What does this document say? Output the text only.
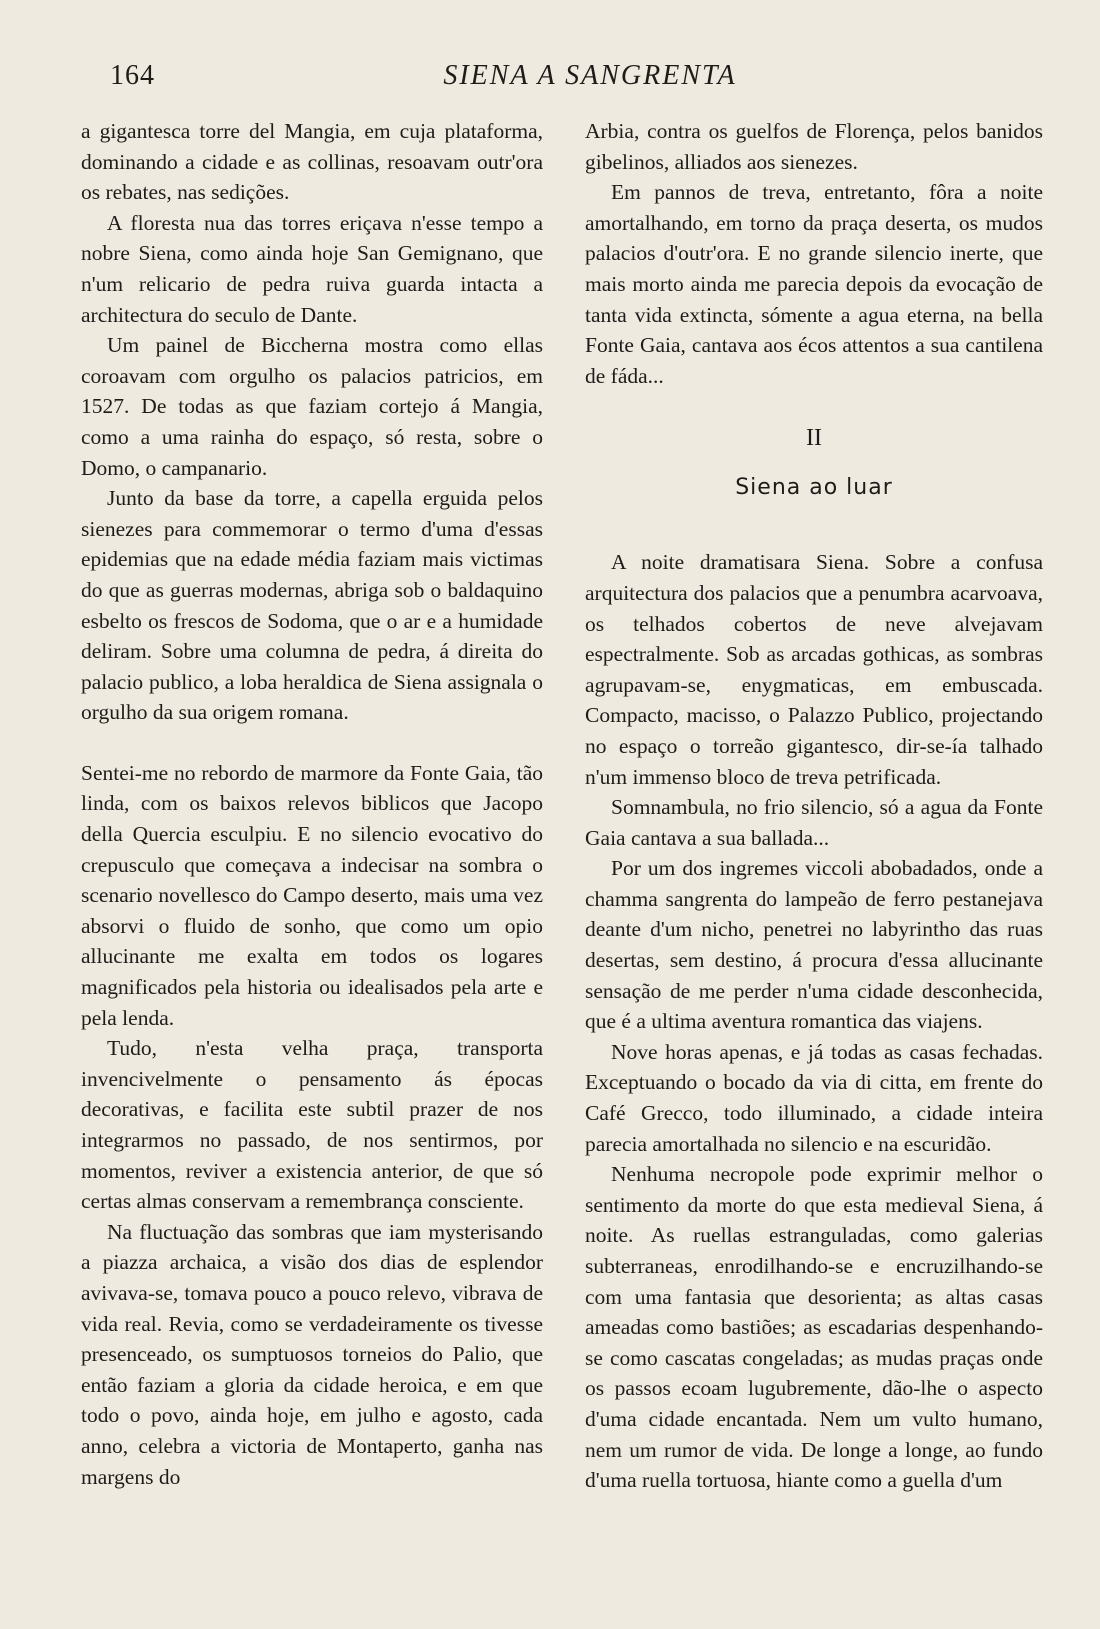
164	SIENA A SANGRENTA

a gigantesca torre del Mangia, em cuja plataforma, dominando a cidade e as collinas, resoavam outr'ora os rebates, nas sedições.

A floresta nua das torres eriçava n'esse tempo a nobre Siena, como ainda hoje San Gemignano, que n'um relicario de pedra ruiva guarda intacta a architectura do seculo de Dante.

Um painel de Biccherna mostra como ellas coroavam com orgulho os palacios patricios, em 1527. De todas as que faziam cortejo á Mangia, como a uma rainha do espaço, só resta, sobre o Domo, o campanario.

Junto da base da torre, a capella erguida pelos sienezes para commemorar o termo d'uma d'essas epidemias que na edade média faziam mais victimas do que as guerras modernas, abriga sob o baldaquino esbelto os frescos de Sodoma, que o ar e a humidade deliram. Sobre uma columna de pedra, á direita do palacio publico, a loba heraldica de Siena assignala o orgulho da sua origem romana.

Sentei-me no rebordo de marmore da Fonte Gaia, tão linda, com os baixos relevos biblicos que Jacopo della Quercia esculpiu. E no silencio evocativo do crepusculo que começava a indecisar na sombra o scenario novellesco do Campo deserto, mais uma vez absorvi o fluido de sonho, que como um opio allucinante me exalta em todos os logares magnificados pela historia ou idealisados pela arte e pela lenda.

Tudo, n'esta velha praça, transporta invencivelmente o pensamento ás épocas decorativas, e facilita este subtil prazer de nos integrarmos no passado, de nos sentirmos, por momentos, reviver a existencia anterior, de que só certas almas conservam a remembrança consciente.

Na fluctuação das sombras que iam mysterisando a piazza archaica, a visão dos dias de esplendor avivava-se, tomava pouco a pouco relevo, vibrava de vida real. Revia, como se verdadeiramente os tivesse presenceado, os sumptuosos torneios do Palio, que então faziam a gloria da cidade heroica, e em que todo o povo, ainda hoje, em julho e agosto, cada anno, celebra a victoria de Montaperto, ganha nas margens do

Arbia, contra os guelfos de Florença, pelos banidos gibelinos, alliados aos sienezes.

Em pannos de treva, entretanto, fôra a noite amortalhando, em torno da praça deserta, os mudos palacios d'outr'ora. E no grande silencio inerte, que mais morto ainda me parecia depois da evocação de tanta vida extincta, sómente a agua eterna, na bella Fonte Gaia, cantava aos écos attentos a sua cantilena de fáda...

II
Siena ao luar

A noite dramatisara Siena. Sobre a confusa arquitectura dos palacios que a penumbra acarvoava, os telhados cobertos de neve alvejavam espectralmente. Sob as arcadas gothicas, as sombras agrupavam-se, enygmaticas, em embuscada. Compacto, macisso, o Palazzo Publico, projectando no espaço o torreão gigantesco, dir-se-ía talhado n'um immenso bloco de treva petrificada.

Somnambula, no frio silencio, só a agua da Fonte Gaia cantava a sua ballada...

Por um dos ingremes viccoli abobadados, onde a chamma sangrenta do lampeão de ferro pestanejava deante d'um nicho, penetrei no labyrintho das ruas desertas, sem destino, á procura d'essa allucinante sensação de me perder n'uma cidade desconhecida, que é a ultima aventura romantica das viajens.

Nove horas apenas, e já todas as casas fechadas. Exceptuando o bocado da via di citta, em frente do Café Grecco, todo illuminado, a cidade inteira parecia amortalhada no silencio e na escuridão.

Nenhuma necropole pode exprimir melhor o sentimento da morte do que esta medieval Siena, á noite. As ruellas estranguladas, como galerias subterraneas, enrodilhando-se e encruzilhando-se com uma fantasia que desorienta; as altas casas ameadas como bastiões; as escadarias despenhando-se como cascatas congeladas; as mudas praças onde os passos ecoam lugubremente, dão-lhe o aspecto d'uma cidade encantada. Nem um vulto humano, nem um rumor de vida. De longe a longe, ao fundo d'uma ruella tortuosa, hiante como a guella d'um
